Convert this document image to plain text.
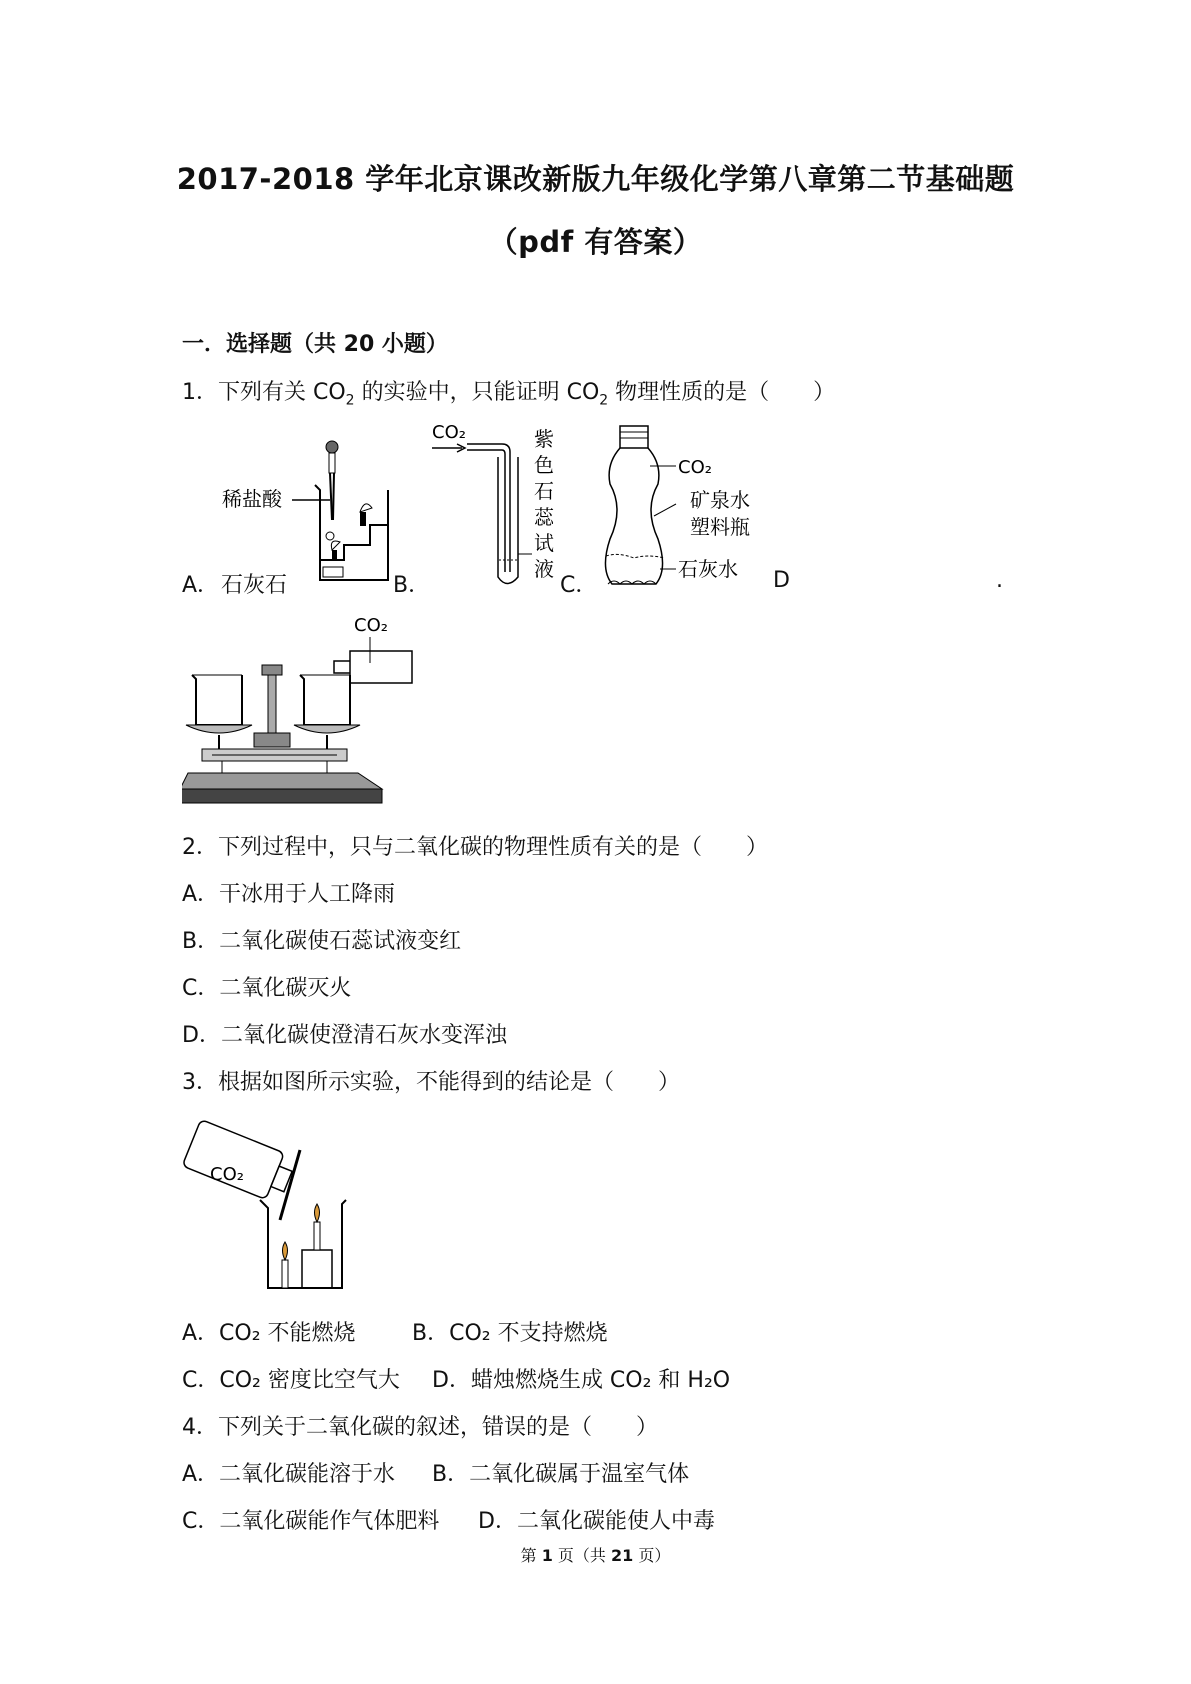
2017-2018 学年北京课改新版九年级化学第八章第二节基础题
（pdf 有答案）
一．选择题（共 20 小题）
1．下列有关 $CO_2$ 的实验中，只能证明 $CO_2$ 物理性质的是（　　）
稀盐酸
CO₂	紫
色
石
蕊
试
液
CO₂
矿泉水
塑料瓶
石灰水
A． 石灰石	B．	C．	D	.
CO₂
2．下列过程中，只与二氧化碳的物理性质有关的是（　　）
A．干冰用于人工降雨
B．二氧化碳使石蕊试液变红
C．二氧化碳灭火
D．二氧化碳使澄清石灰水变浑浊
3．根据如图所示实验，不能得到的结论是（　　）
CO₂
A．CO₂ 不能燃烧	B．CO₂ 不支持燃烧
C．CO₂ 密度比空气大 D．蜡烛燃烧生成 CO₂ 和 H₂O
4．下列关于二氧化碳的叙述，错误的是（　　）
A．二氧化碳能溶于水 B．二氧化碳属于温室气体
C．二氧化碳能作气体肥料 D．二氧化碳能使人中毒
第 1 页（共 21 页）
